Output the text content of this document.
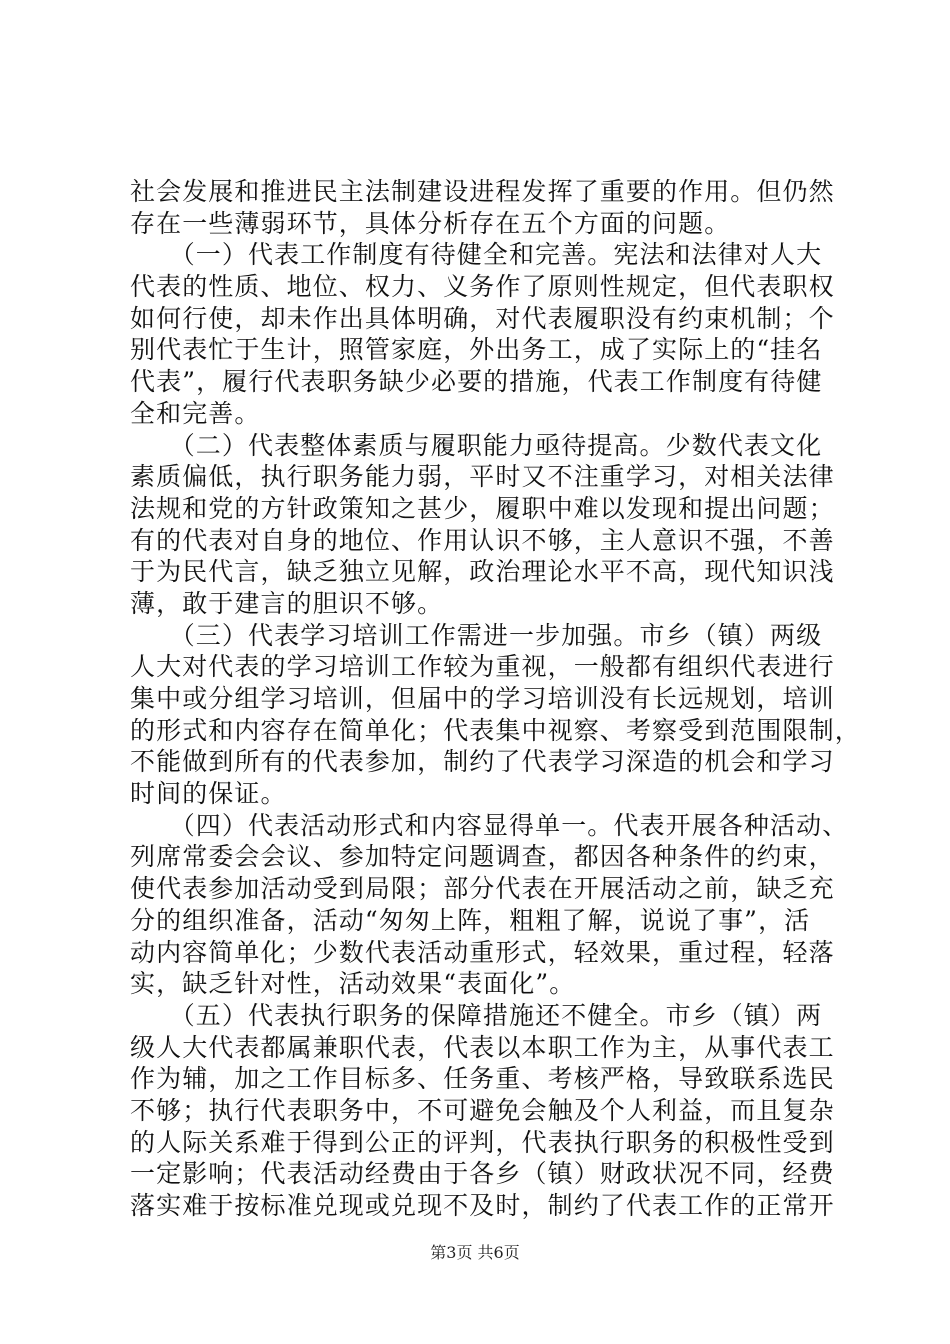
社会发展和推进民主法制建设进程发挥了重要的作用。但仍然
存在一些薄弱环节，具体分析存在五个方面的问题。
　　（一）代表工作制度有待健全和完善。宪法和法律对人大
代表的性质、地位、权力、义务作了原则性规定，但代表职权
如何行使，却未作出具体明确，对代表履职没有约束机制；个
别代表忙于生计，照管家庭，外出务工，成了实际上的“挂名
代表”，履行代表职务缺少必要的措施，代表工作制度有待健
全和完善。
　　（二）代表整体素质与履职能力亟待提高。少数代表文化
素质偏低，执行职务能力弱，平时又不注重学习，对相关法律
法规和党的方针政策知之甚少，履职中难以发现和提出问题；
有的代表对自身的地位、作用认识不够，主人意识不强，不善
于为民代言，缺乏独立见解，政治理论水平不高，现代知识浅
薄，敢于建言的胆识不够。
　　（三）代表学习培训工作需进一步加强。市乡（镇）两级
人大对代表的学习培训工作较为重视，一般都有组织代表进行
集中或分组学习培训，但届中的学习培训没有长远规划，培训
的形式和内容存在简单化；代表集中视察、考察受到范围限制，
不能做到所有的代表参加，制约了代表学习深造的机会和学习
时间的保证。
　　（四）代表活动形式和内容显得单一。代表开展各种活动、
列席常委会会议、参加特定问题调查，都因各种条件的约束，
使代表参加活动受到局限；部分代表在开展活动之前，缺乏充
分的组织准备，活动“匆匆上阵，粗粗了解，说说了事”，活
动内容简单化；少数代表活动重形式，轻效果，重过程，轻落
实，缺乏针对性，活动效果“表面化”。
　　（五）代表执行职务的保障措施还不健全。市乡（镇）两
级人大代表都属兼职代表，代表以本职工作为主，从事代表工
作为辅，加之工作目标多、任务重、考核严格，导致联系选民
不够；执行代表职务中，不可避免会触及个人利益，而且复杂
的人际关系难于得到公正的评判，代表执行职务的积极性受到
一定影响；代表活动经费由于各乡（镇）财政状况不同，经费
落实难于按标准兑现或兑现不及时，制约了代表工作的正常开
第3页 共6页
